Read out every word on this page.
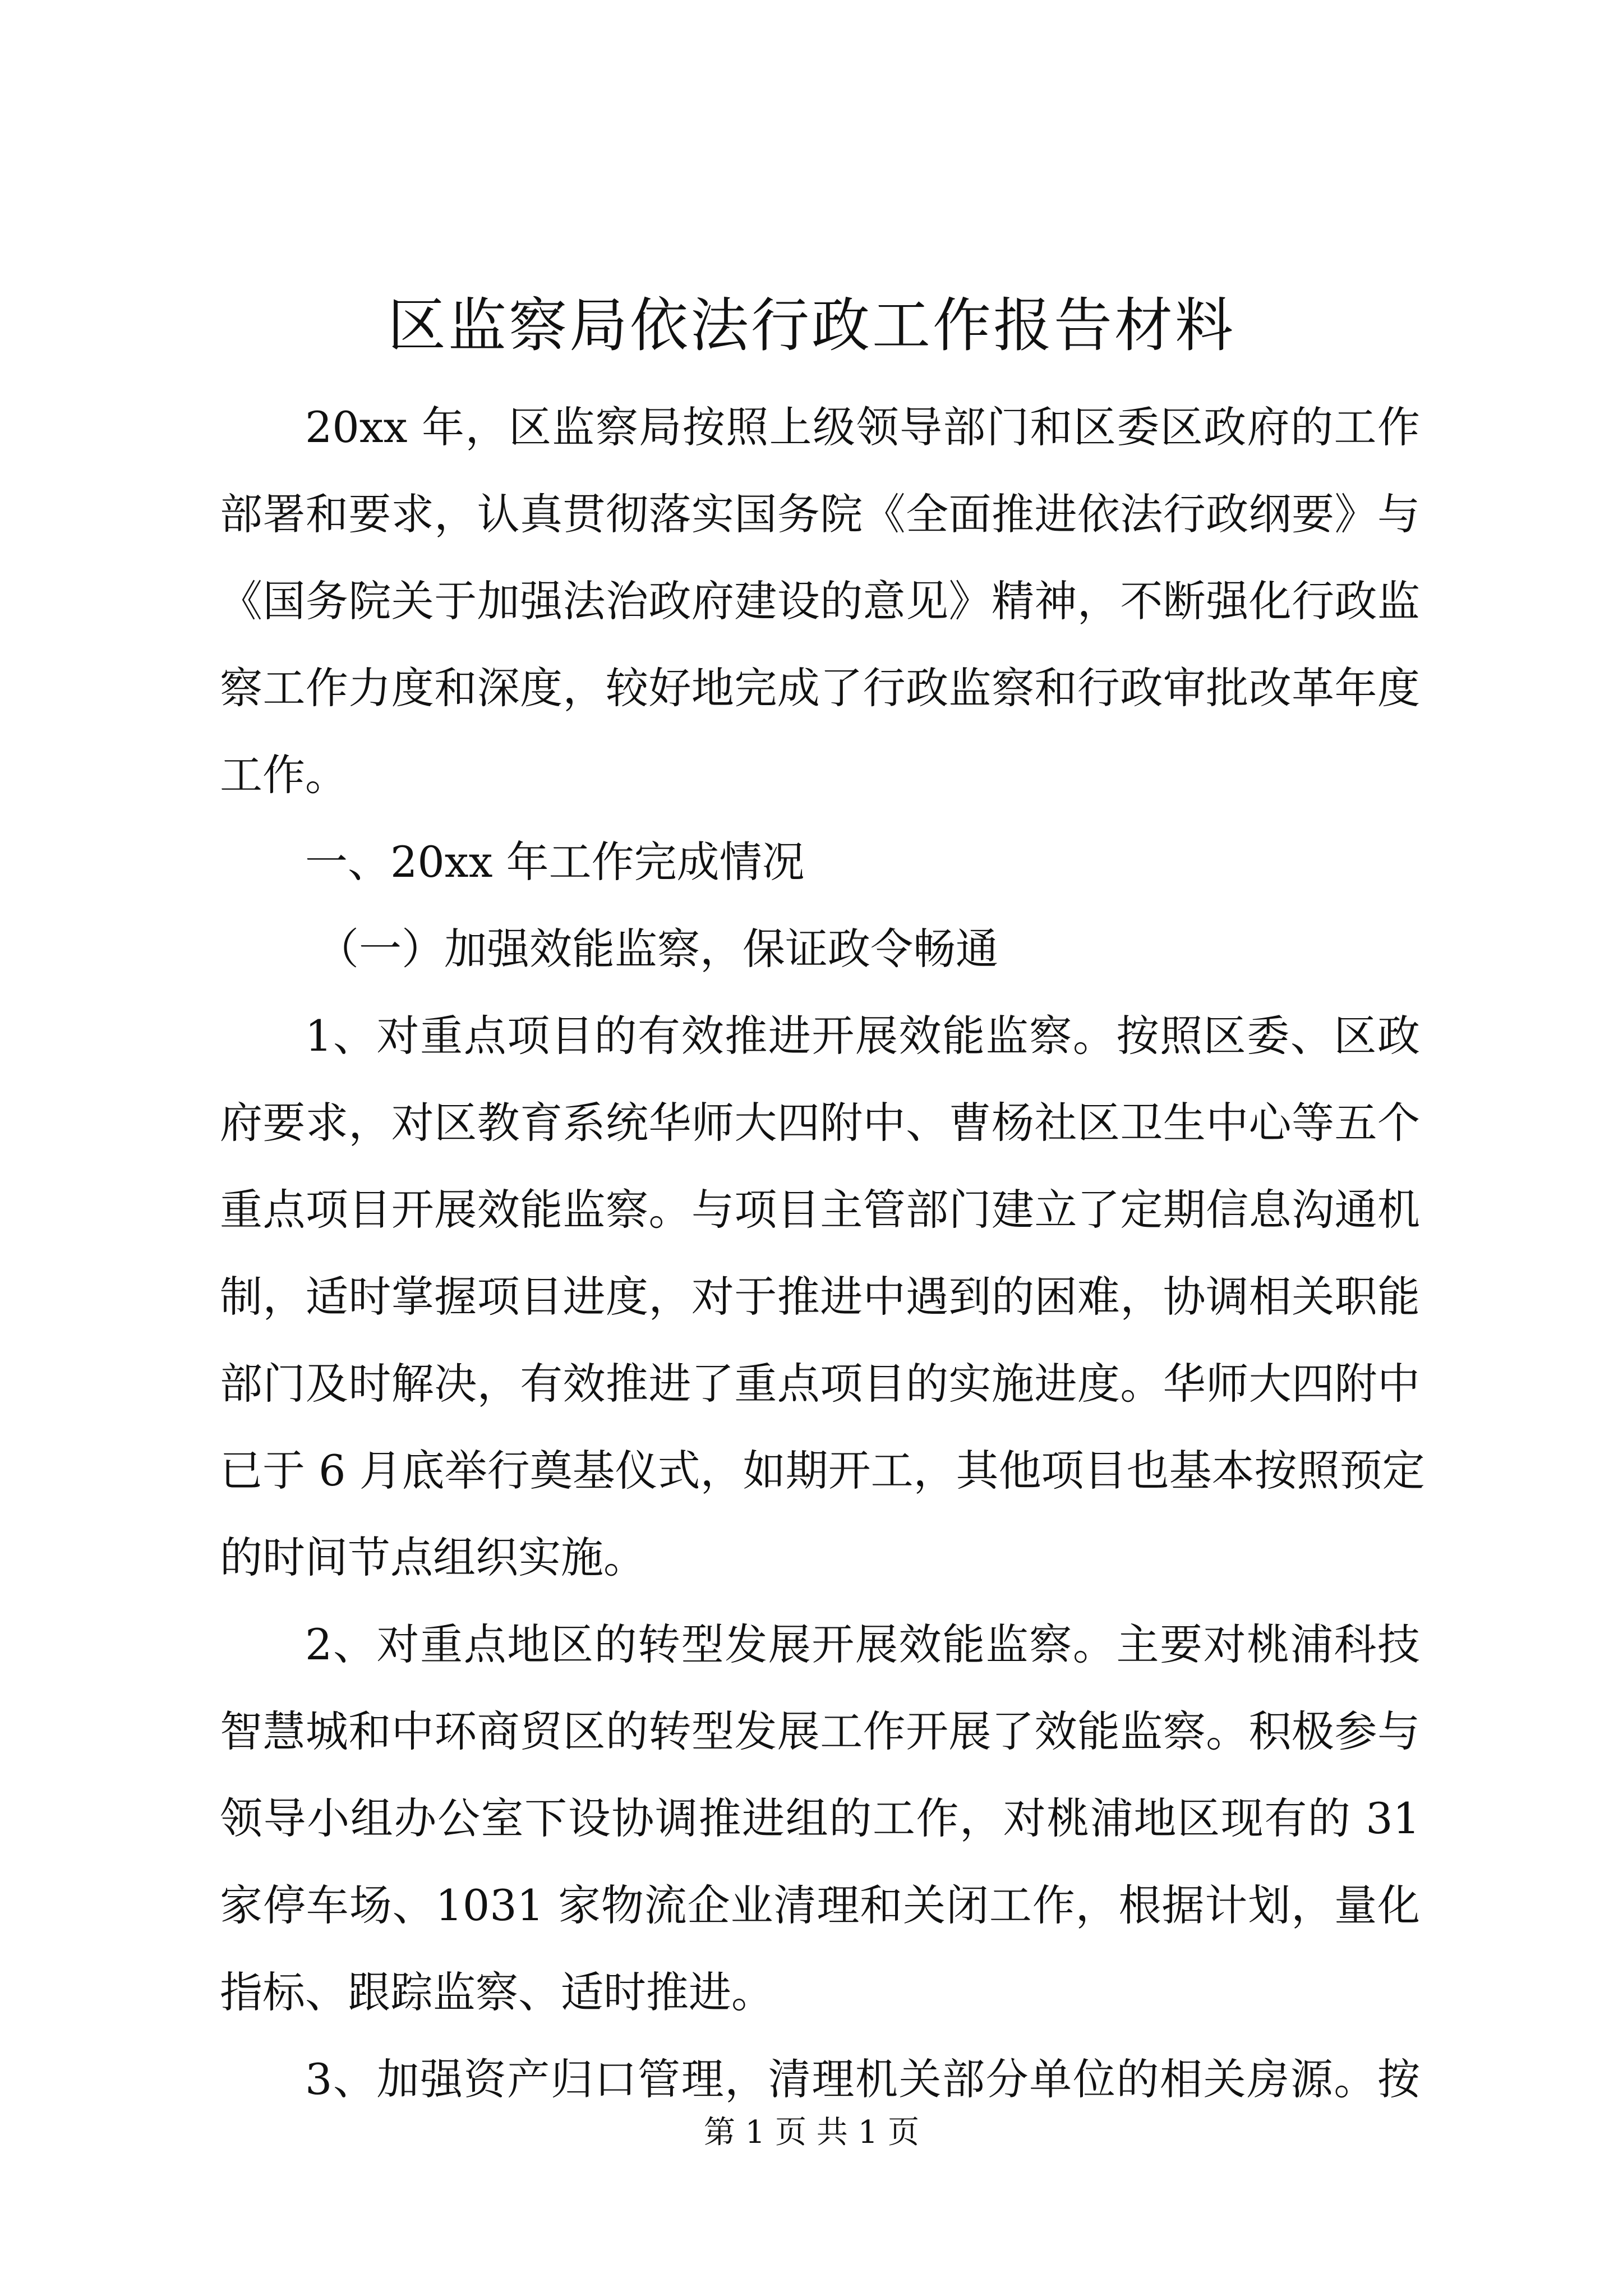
区监察局依法行政工作报告材料
20xx 年，区监察局按照上级领导部门和区委区政府的工作
部署和要求，认真贯彻落实国务院《全面推进依法行政纲要》与
《国务院关于加强法治政府建设的意见》精神，不断强化行政监
察工作力度和深度，较好地完成了行政监察和行政审批改革年度
工作。
一、20xx 年工作完成情况
（一）加强效能监察，保证政令畅通
1、对重点项目的有效推进开展效能监察。按照区委、区政
府要求，对区教育系统华师大四附中、曹杨社区卫生中心等五个
重点项目开展效能监察。与项目主管部门建立了定期信息沟通机
制，适时掌握项目进度，对于推进中遇到的困难，协调相关职能
部门及时解决，有效推进了重点项目的实施进度。华师大四附中
已于 6 月底举行奠基仪式，如期开工，其他项目也基本按照预定
的时间节点组织实施。
2、对重点地区的转型发展开展效能监察。主要对桃浦科技
智慧城和中环商贸区的转型发展工作开展了效能监察。积极参与
领导小组办公室下设协调推进组的工作，对桃浦地区现有的 31
家停车场、1031 家物流企业清理和关闭工作，根据计划，量化
指标、跟踪监察、适时推进。
3、加强资产归口管理，清理机关部分单位的相关房源。按
第 1 页 共 1 页
